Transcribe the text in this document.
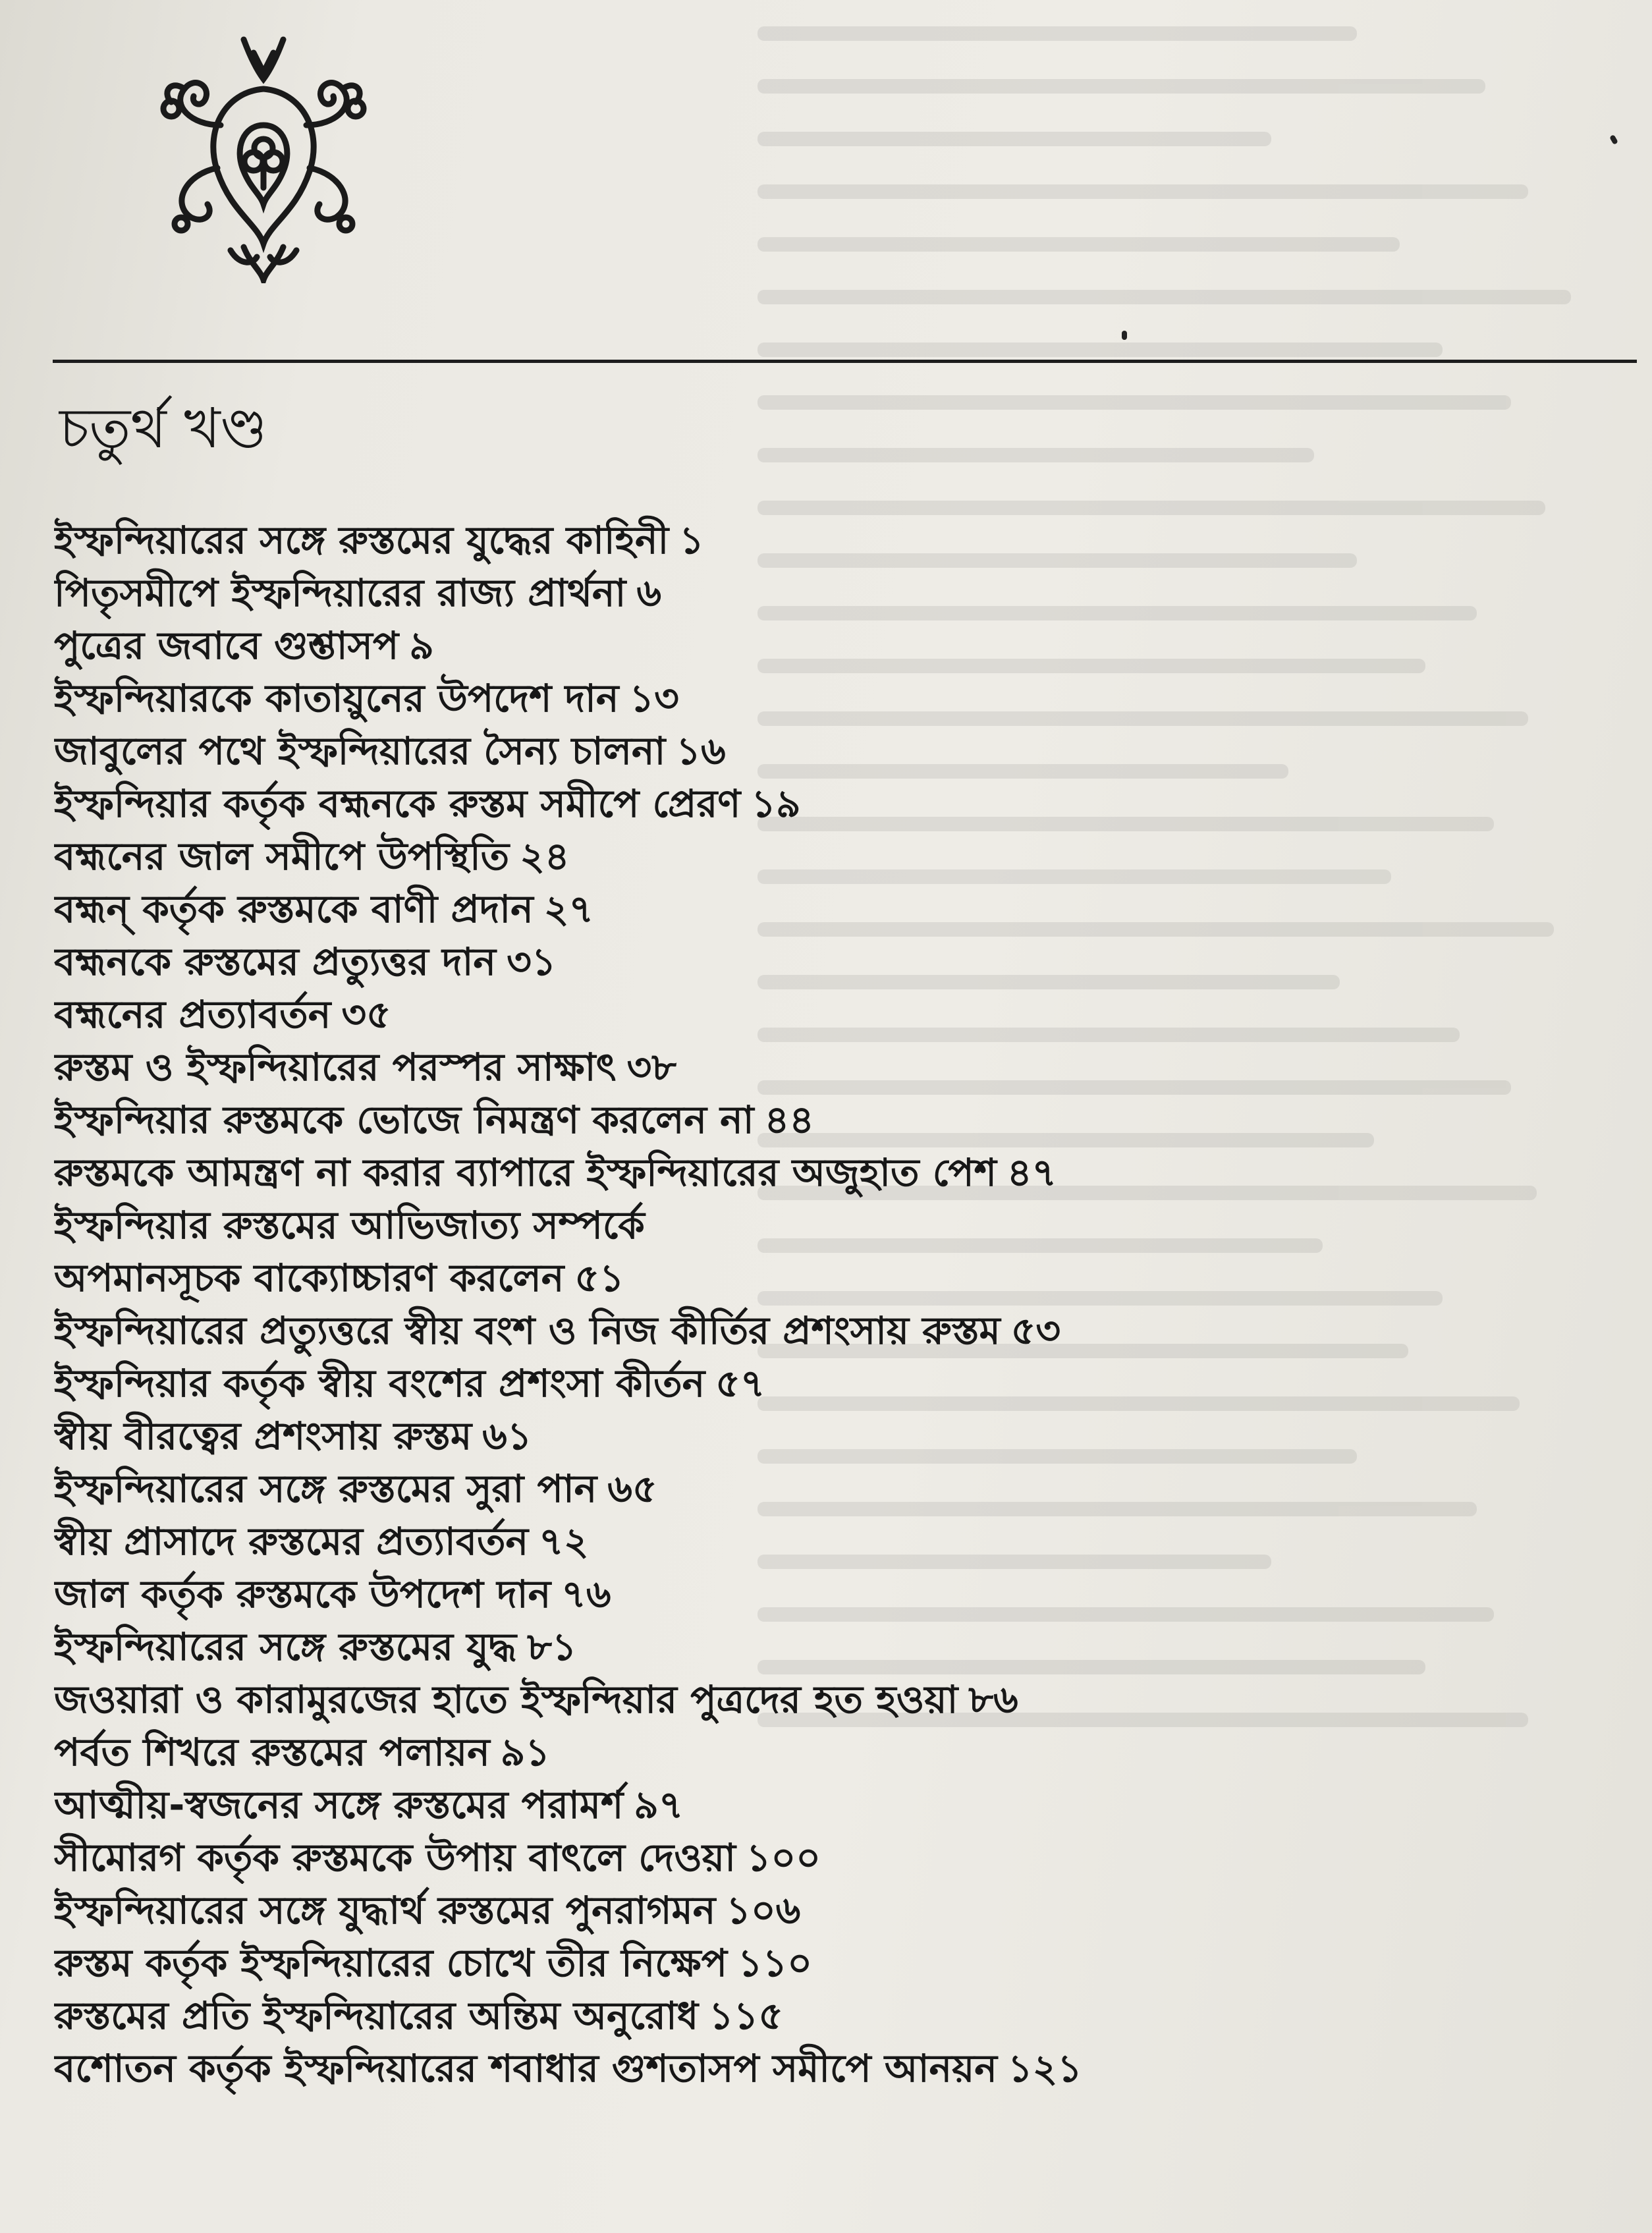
চতুর্থ খণ্ড
ইস্ফন্দিয়ারের সঙ্গে রুস্তমের যুদ্ধের কাহিনী ১
পিতৃসমীপে ইস্ফন্দিয়ারের রাজ্য প্রার্থনা ৬
পুত্রের জবাবে গুশ্তাসপ ৯
ইস্ফন্দিয়ারকে কাতায়ুনের উপদেশ দান ১৩
জাবুলের পথে ইস্ফন্দিয়ারের সৈন্য চালনা ১৬
ইস্ফন্দিয়ার কর্তৃক বহ্মনকে রুস্তম সমীপে প্রেরণ ১৯
বহ্মনের জাল সমীপে উপস্থিতি ২৪
বহ্মন্ কর্তৃক রুস্তমকে বাণী প্রদান ২৭
বহ্মনকে রুস্তমের প্রত্যুত্তর দান ৩১
বহ্মনের প্রত্যাবর্তন ৩৫
রুস্তম ও ইস্ফন্দিয়ারের পরস্পর সাক্ষাৎ ৩৮
ইস্ফন্দিয়ার রুস্তমকে ভোজে নিমন্ত্রণ করলেন না ৪৪
রুস্তমকে আমন্ত্রণ না করার ব্যাপারে ইস্ফন্দিয়ারের অজুহাত পেশ ৪৭
ইস্ফন্দিয়ার রুস্তমের আভিজাত্য সম্পর্কে
অপমানসূচক বাক্যোচ্চারণ করলেন ৫১
ইস্ফন্দিয়ারের প্রত্যুত্তরে স্বীয় বংশ ও নিজ কীর্তির প্রশংসায় রুস্তম ৫৩
ইস্ফন্দিয়ার কর্তৃক স্বীয় বংশের প্রশংসা কীর্তন ৫৭
স্বীয় বীরত্বের প্রশংসায় রুস্তম ৬১
ইস্ফন্দিয়ারের সঙ্গে রুস্তমের সুরা পান ৬৫
স্বীয় প্রাসাদে রুস্তমের প্রত্যাবর্তন ৭২
জাল কর্তৃক রুস্তমকে উপদেশ দান ৭৬
ইস্ফন্দিয়ারের সঙ্গে রুস্তমের যুদ্ধ ৮১
জওয়ারা ও কারামুরজের হাতে ইস্ফন্দিয়ার পুত্রদের হত হওয়া ৮৬
পর্বত শিখরে রুস্তমের পলায়ন ৯১
আত্মীয়-স্বজনের সঙ্গে রুস্তমের পরামর্শ ৯৭
সীমোরগ কর্তৃক রুস্তমকে উপায় বাৎলে দেওয়া ১০০
ইস্ফন্দিয়ারের সঙ্গে যুদ্ধার্থ রুস্তমের পুনরাগমন ১০৬
রুস্তম কর্তৃক ইস্ফন্দিয়ারের চোখে তীর নিক্ষেপ ১১০
রুস্তমের প্রতি ইস্ফন্দিয়ারের অন্তিম অনুরোধ ১১৫
বশোতন কর্তৃক ইস্ফন্দিয়ারের শবাধার গুশতাসপ সমীপে আনয়ন ১২১
